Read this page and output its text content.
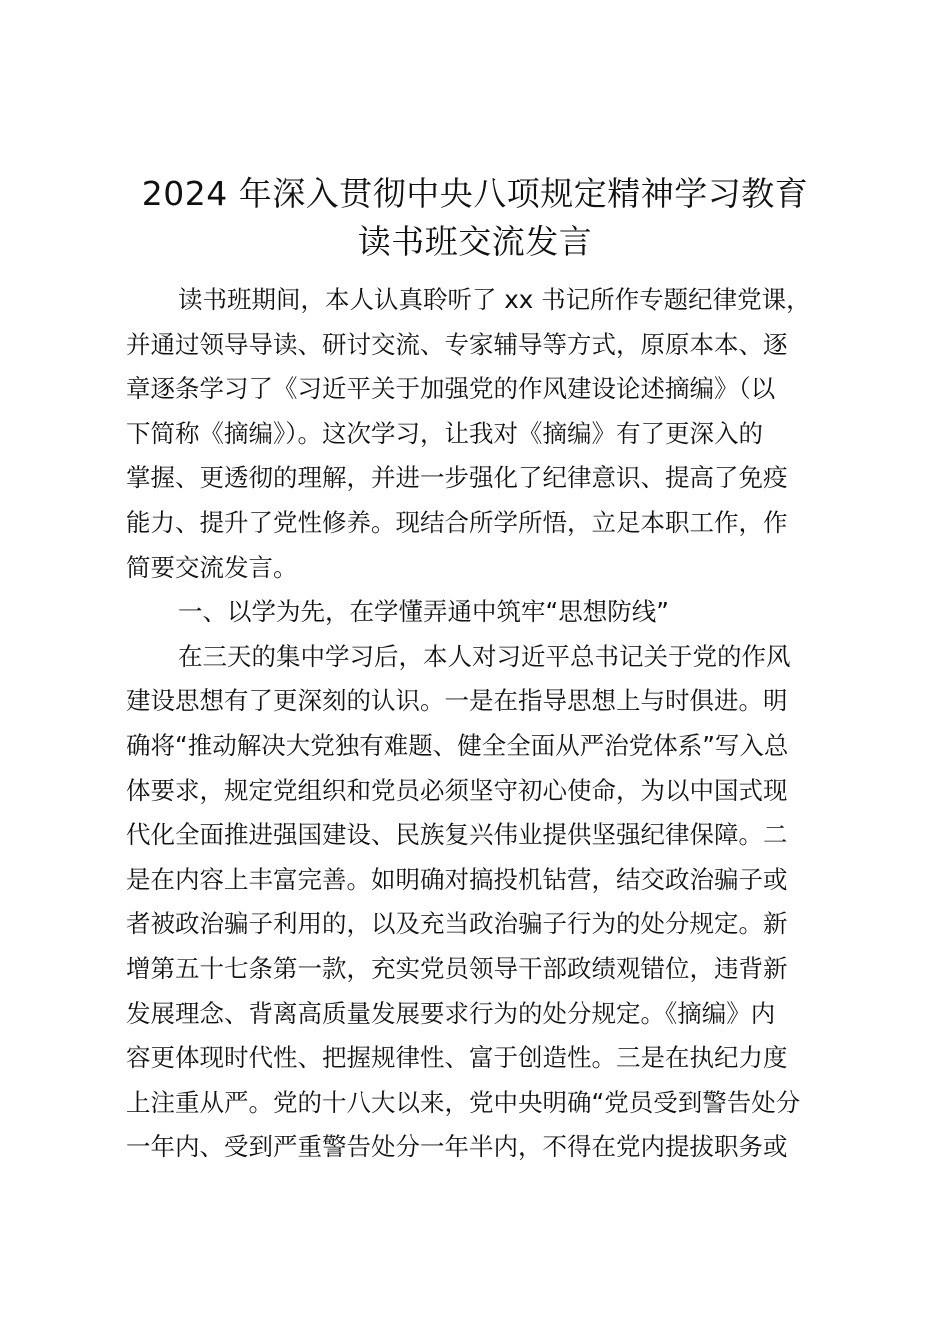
2024 年深入贯彻中央八项规定精神学习教育
读书班交流发言
读书班期间，本人认真聆听了 xx 书记所作专题纪律党课，
并通过领导导读、研讨交流、专家辅导等方式，原原本本、逐
章逐条学习了《习近平关于加强党的作风建设论述摘编》（以
下简称《摘编》）。这次学习，让我对《摘编》有了更深入的
掌握、更透彻的理解，并进一步强化了纪律意识、提高了免疫
能力、提升了党性修养。现结合所学所悟，立足本职工作，作
简要交流发言。
一、以学为先，在学懂弄通中筑牢“思想防线”
在三天的集中学习后，本人对习近平总书记关于党的作风
建设思想有了更深刻的认识。一是在指导思想上与时俱进。明
确将“推动解决大党独有难题、健全全面从严治党体系”写入总
体要求，规定党组织和党员必须坚守初心使命，为以中国式现
代化全面推进强国建设、民族复兴伟业提供坚强纪律保障。二
是在内容上丰富完善。如明确对搞投机钻营，结交政治骗子或
者被政治骗子利用的，以及充当政治骗子行为的处分规定。新
增第五十七条第一款，充实党员领导干部政绩观错位，违背新
发展理念、背离高质量发展要求行为的处分规定。《摘编》内
容更体现时代性、把握规律性、富于创造性。三是在执纪力度
上注重从严。党的十八大以来，党中央明确“党员受到警告处分
一年内、受到严重警告处分一年半内，不得在党内提拔职务或
